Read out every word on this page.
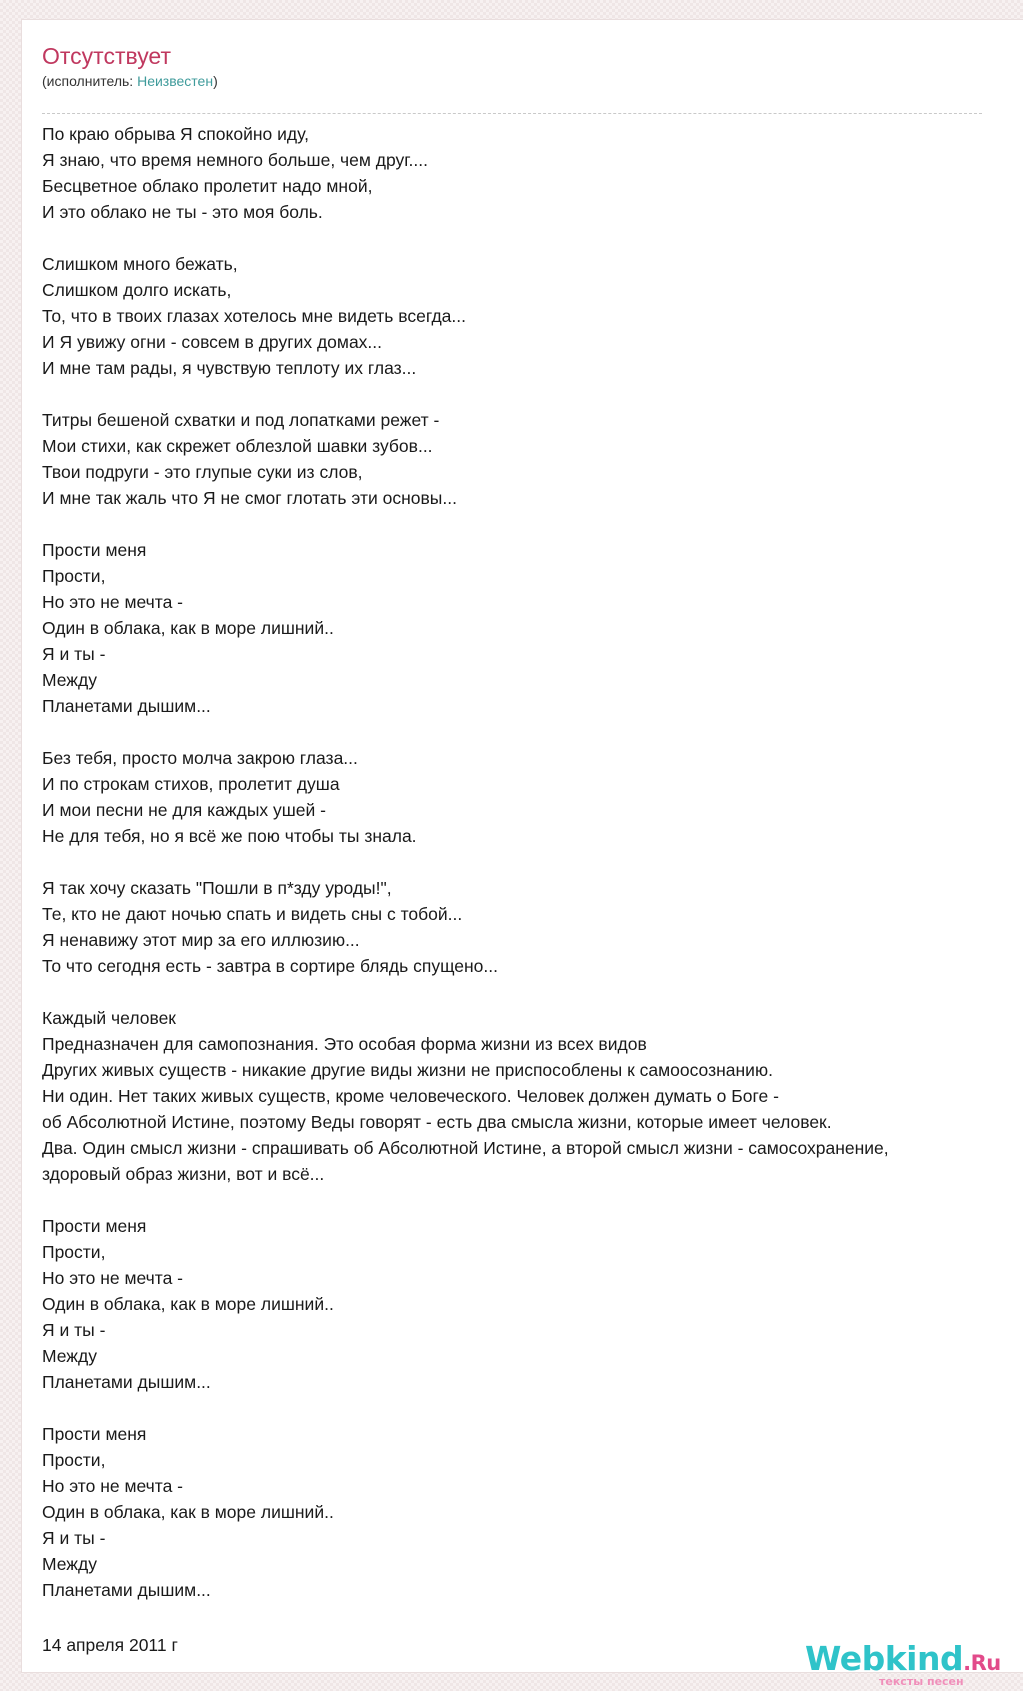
Отсутствует
(исполнитель: Неизвестен)
По краю обрыва Я спокойно иду,
Я знаю, что время немного больше, чем друг....
Бесцветное облако пролетит надо мной,
И это облако не ты - это моя боль.
Слишком много бежать,
Слишком долго искать,
То, что в твоих глазах хотелось мне видеть всегда...
И Я увижу огни - совсем в других домах...
И мне там рады, я чувствую теплоту их глаз...
Титры бешеной схватки и под лопатками режет -
Мои стихи, как скрежет облезлой шавки зубов...
Твои подруги - это глупые суки из слов,
И мне так жаль что Я не смог глотать эти основы...
Прости меня
Прости,
Но это не мечта -
Один в облака, как в море лишний..
Я и ты -
Между
Планетами дышим...
Без тебя, просто молча закрою глаза...
И по строкам стихов, пролетит душа
И мои песни не для каждых ушей -
Не для тебя, но я всё же пою чтобы ты знала.
Я так хочу сказать "Пошли в п*зду уроды!",
Те, кто не дают ночью спать и видеть сны с тобой...
Я ненавижу этот мир за его иллюзию...
То что сегодня есть - завтра в сортире блядь спущено...
Каждый человек
Предназначен для самопознания. Это особая форма жизни из всех видов
Других живых существ - никакие другие виды жизни не приспособлены к самоосознанию.
Ни один. Нет таких живых существ, кроме человеческого. Человек должен думать о Боге -
об Абсолютной Истине, поэтому Веды говорят - есть два смысла жизни, которые имеет человек.
Два. Один смысл жизни - спрашивать об Абсолютной Истине, а второй смысл жизни - самосохранение,
здоровый образ жизни, вот и всё...
Прости меня
Прости,
Но это не мечта -
Один в облака, как в море лишний..
Я и ты -
Между
Планетами дышим...
Прости меня
Прости,
Но это не мечта -
Один в облака, как в море лишний..
Я и ты -
Между
Планетами дышим...
14 апреля 2011 г	Webkind.Ru
тексты песен
